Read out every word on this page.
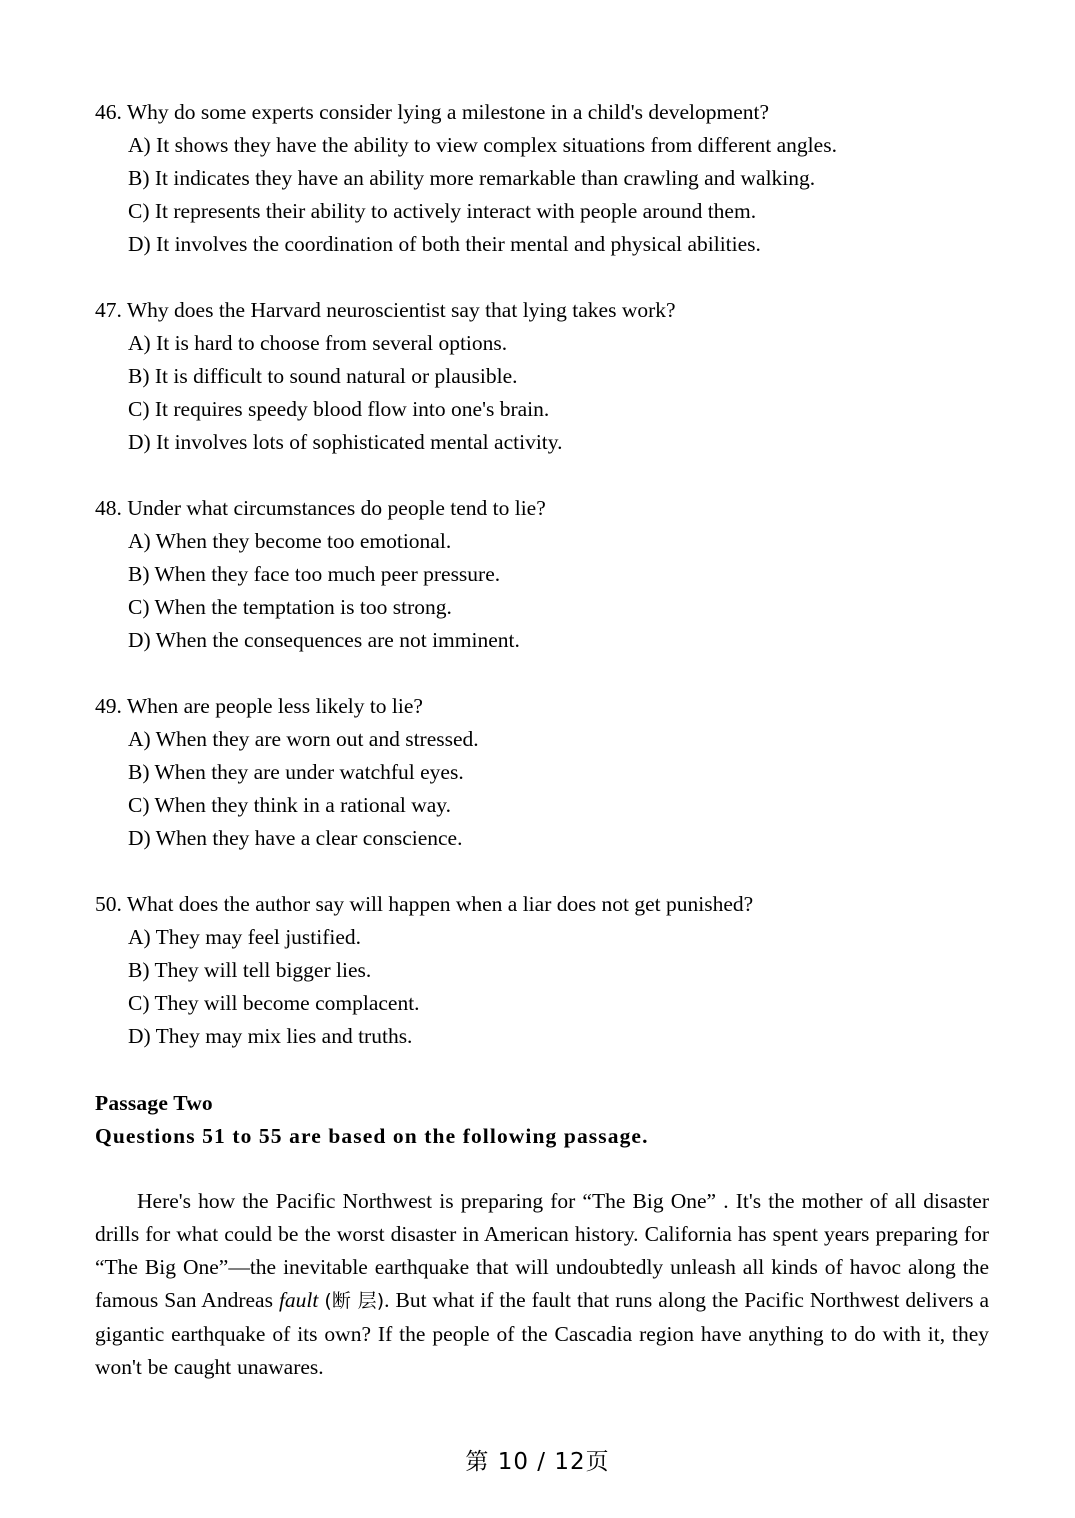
46. Why do some experts consider lying a milestone in a child's development?
A) It shows they have the ability to view complex situations from different angles.
B) It indicates they have an ability more remarkable than crawling and walking.
C) It represents their ability to actively interact with people around them.
D) It involves the coordination of both their mental and physical abilities.
47. Why does the Harvard neuroscientist say that lying takes work?
A) It is hard to choose from several options.
B) It is difficult to sound natural or plausible.
C) It requires speedy blood flow into one's brain.
D) It involves lots of sophisticated mental activity.
48. Under what circumstances do people tend to lie?
A) When they become too emotional.
B) When they face too much peer pressure.
C) When the temptation is too strong.
D) When the consequences are not imminent.
49. When are people less likely to lie?
A) When they are worn out and stressed.
B) When they are under watchful eyes.
C) When they think in a rational way.
D) When they have a clear conscience.
50. What does the author say will happen when a liar does not get punished?
A) They may feel justified.
B) They will tell bigger lies.
C) They will become complacent.
D) They may mix lies and truths.
Passage Two
Questions 51 to 55 are based on the following passage.

Here's how the Pacific Northwest is preparing for “The Big One” . It's the mother of all disaster drills for what could be the worst disaster in American history. California has spent years preparing for “The Big One”—the inevitable earthquake that will undoubtedly unleash all kinds of havoc along the famous San Andreas fault (断 层). But what if the fault that runs along the Pacific Northwest delivers a gigantic earthquake of its own? If the people of the Cascadia region have anything to do with it, they won't be caught unawares.

第 10 / 12页
